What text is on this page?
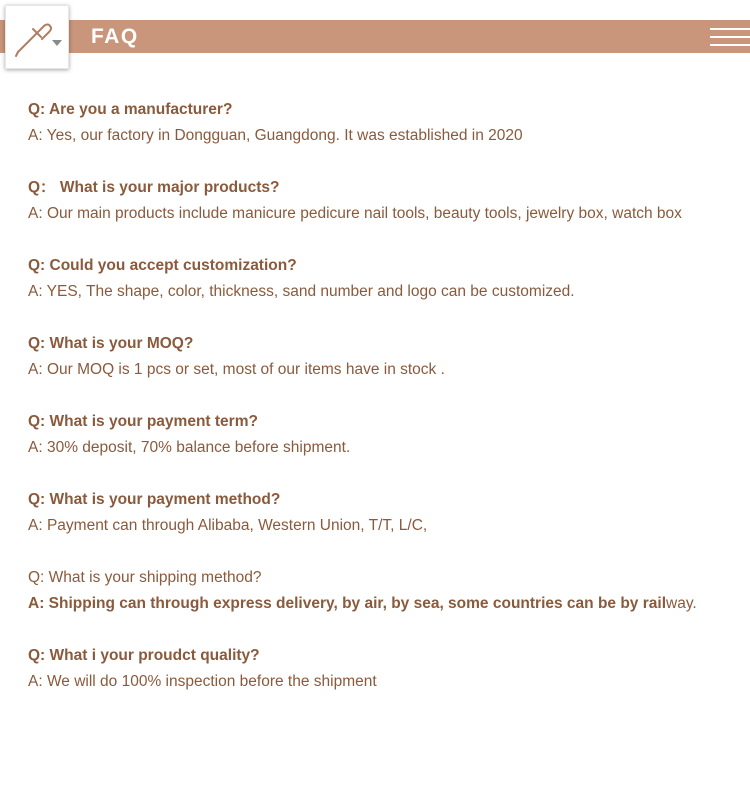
FAQ
Q: Are you a manufacturer?
A: Yes, our factory in Dongguan, Guangdong. It was established in 2020
Q： What is your major products?
A: Our main products include manicure pedicure nail tools, beauty tools, jewelry box, watch box
Q: Could you accept customization?
A: YES, The shape, color, thickness, sand number and logo can be customized.
Q: What is your MOQ?
A: Our MOQ is 1 pcs or set, most of our items have in stock .
Q: What is your payment term?
A: 30% deposit, 70% balance before shipment.
Q: What is your payment method?
A: Payment can through Alibaba, Western Union, T/T, L/C,
Q: What is your shipping method?
A: Shipping can through express delivery, by air, by sea, some countries can be by railway.
Q: What i your proudct quality?
A: We will do 100% inspection before the shipment
